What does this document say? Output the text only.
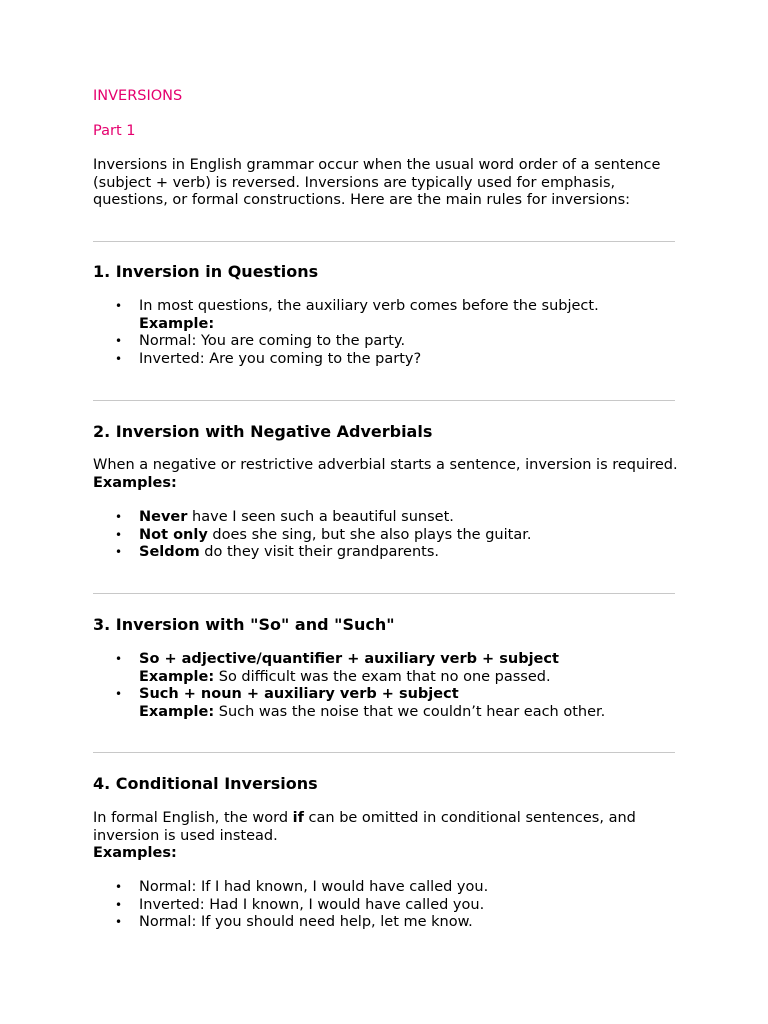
INVERSIONS

Part 1

Inversions in English grammar occur when the usual word order of a sentence (subject + verb) is reversed. Inversions are typically used for emphasis, questions, or formal constructions. Here are the main rules for inversions:

1. Inversion in Questions
• In most questions, the auxiliary verb comes before the subject.
Example:
• Normal: You are coming to the party.
• Inverted: Are you coming to the party?
2. Inversion with Negative Adverbials

When a negative or restrictive adverbial starts a sentence, inversion is required.
Examples:

• Never have I seen such a beautiful sunset.
• Not only does she sing, but she also plays the guitar.
• Seldom do they visit their grandparents.
3. Inversion with "So" and "Such"
• So + adjective/quantifier + auxiliary verb + subject
Example: So difficult was the exam that no one passed.
• Such + noun + auxiliary verb + subject
Example: Such was the noise that we couldn’t hear each other.
4. Conditional Inversions

In formal English, the word if can be omitted in conditional sentences, and inversion is used instead.
Examples:

• Normal: If I had known, I would have called you.
• Inverted: Had I known, I would have called you.
• Normal: If you should need help, let me know.
